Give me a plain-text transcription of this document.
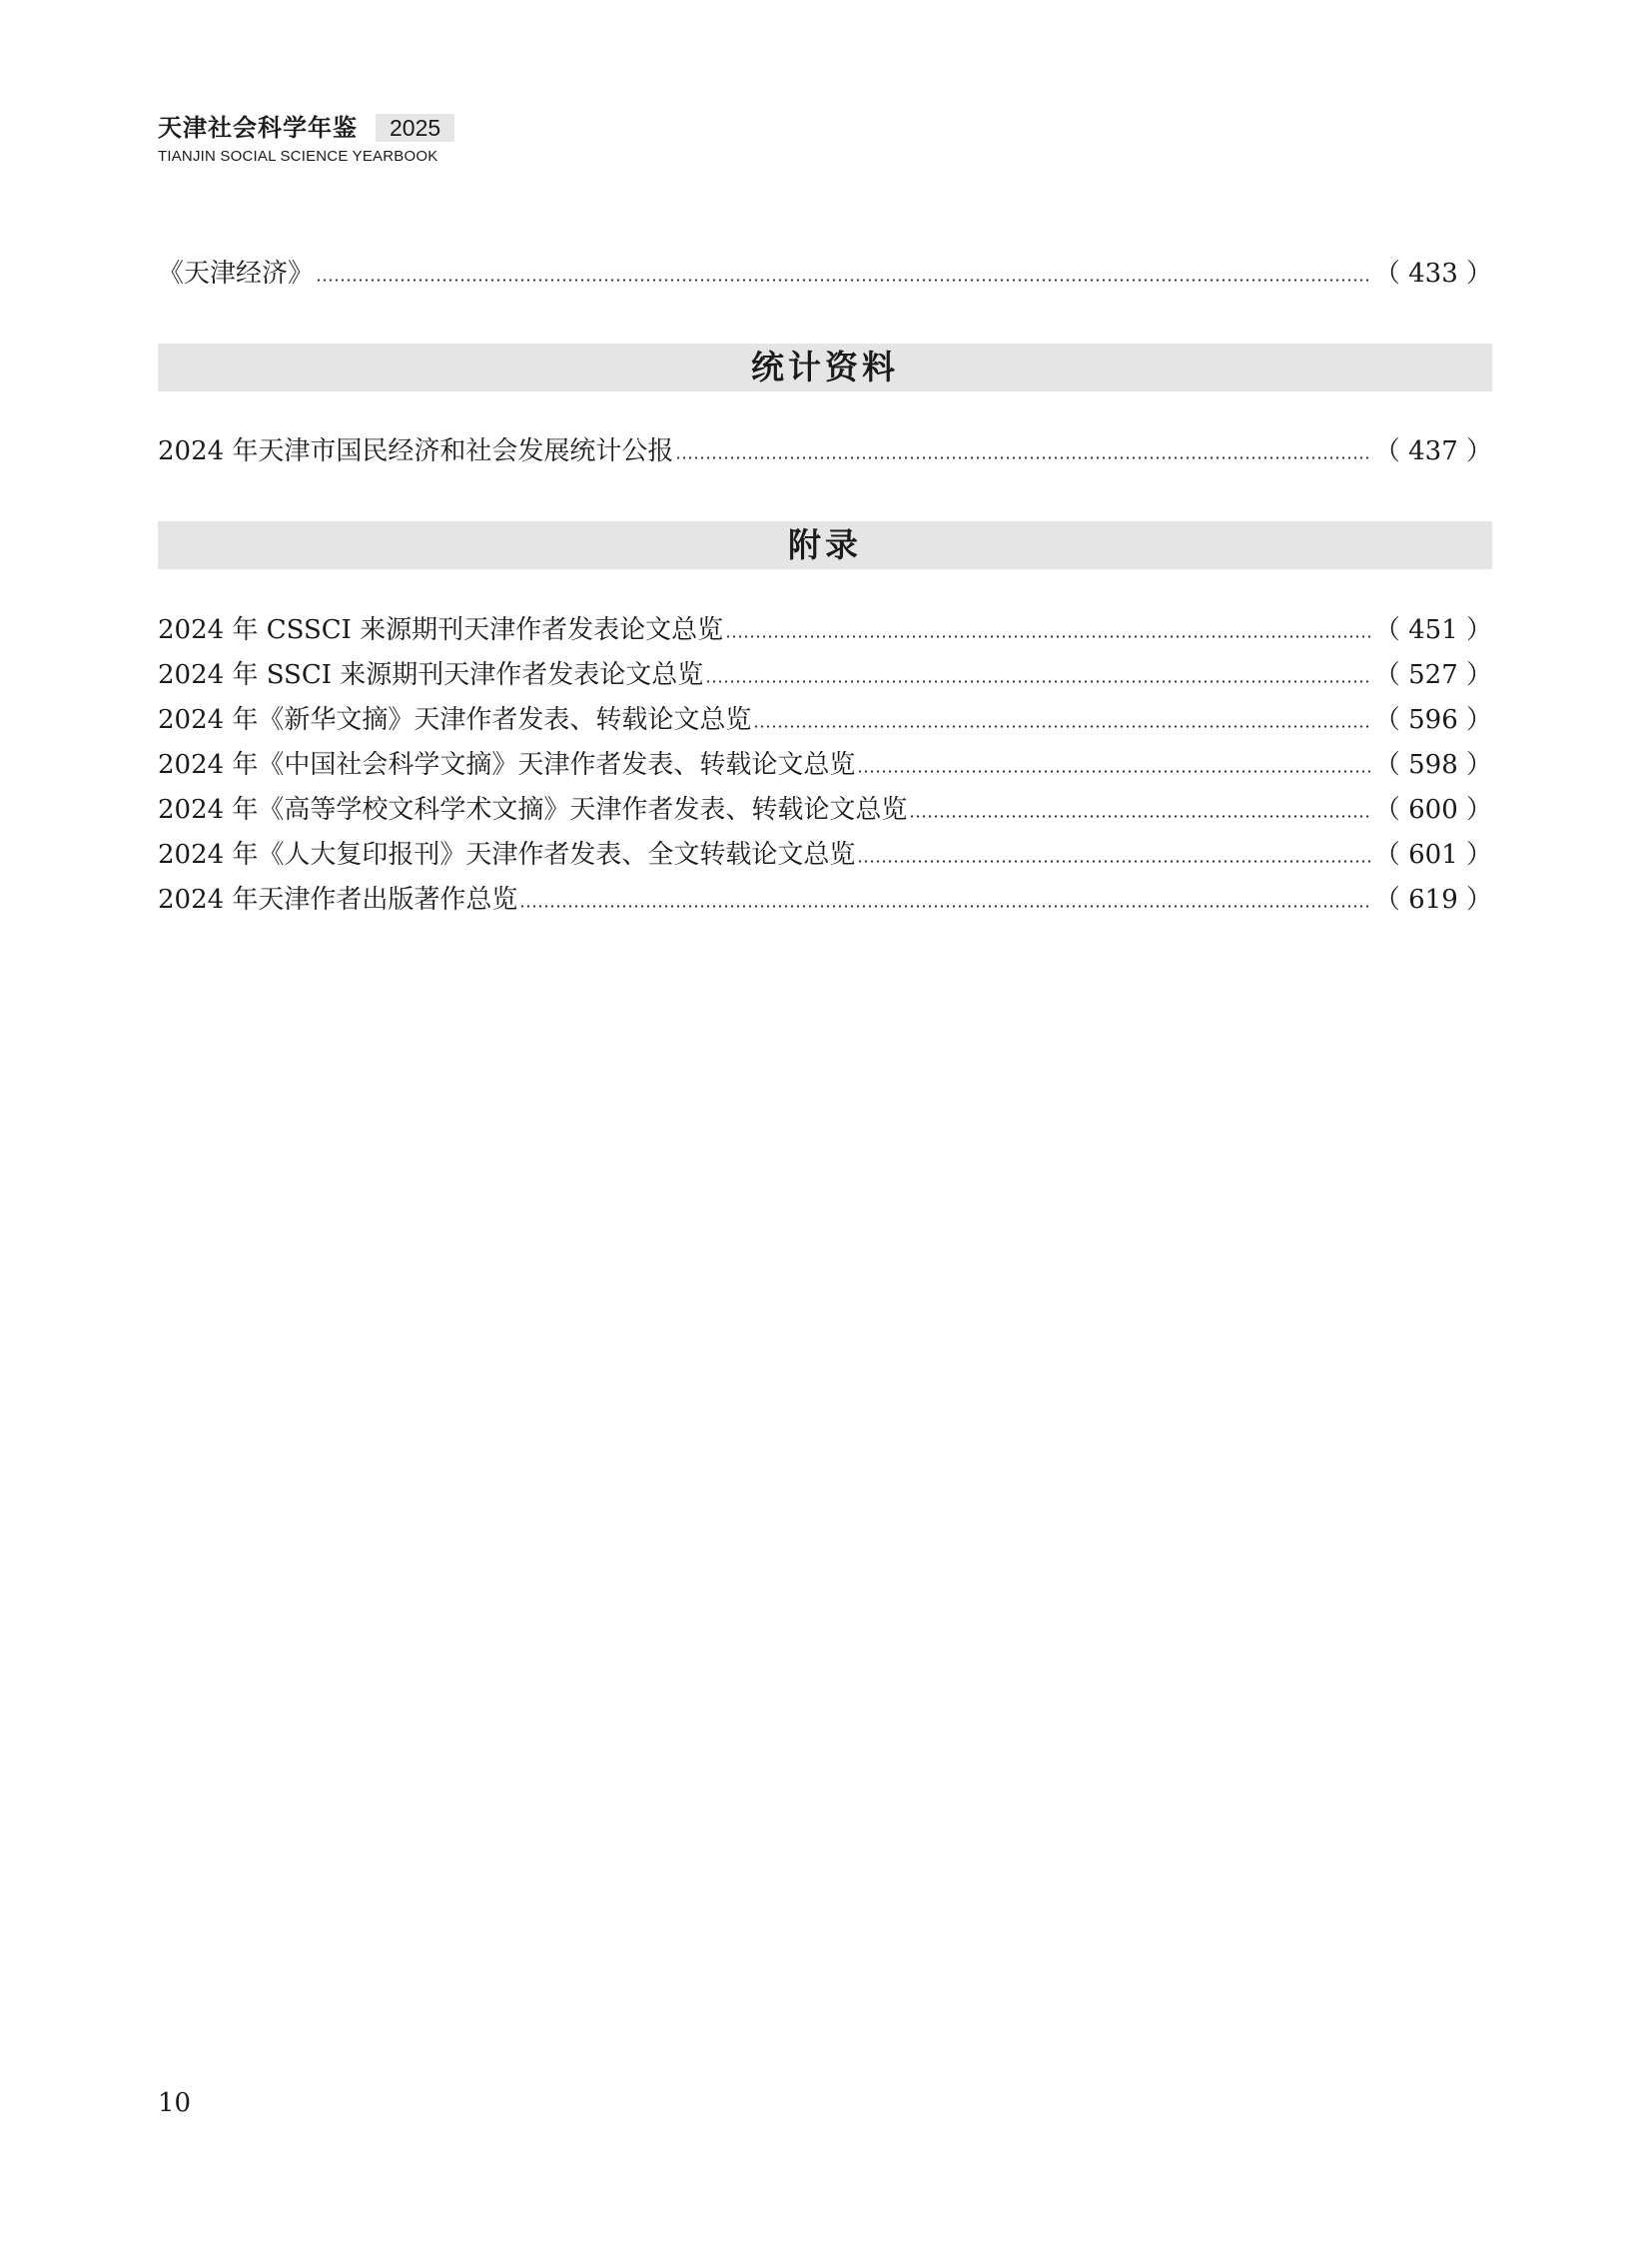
天津社会科学年鉴	2025
TIANJIN SOCIAL SCIENCE YEARBOOK
《天津经济》	（ 433 ）
统计资料
2024 年天津市国民经济和社会发展统计公报	（ 437 ）
附录
2024 年 CSSCI 来源期刊天津作者发表论文总览	（ 451 ）
2024 年 SSCI 来源期刊天津作者发表论文总览	（ 527 ）
2024 年《新华文摘》天津作者发表、转载论文总览	（ 596 ）
2024 年《中国社会科学文摘》天津作者发表、转载论文总览	（ 598 ）
2024 年《高等学校文科学术文摘》天津作者发表、转载论文总览	（ 600 ）
2024 年《人大复印报刊》天津作者发表、全文转载论文总览	（ 601 ）
2024 年天津作者出版著作总览	（ 619 ）
10
